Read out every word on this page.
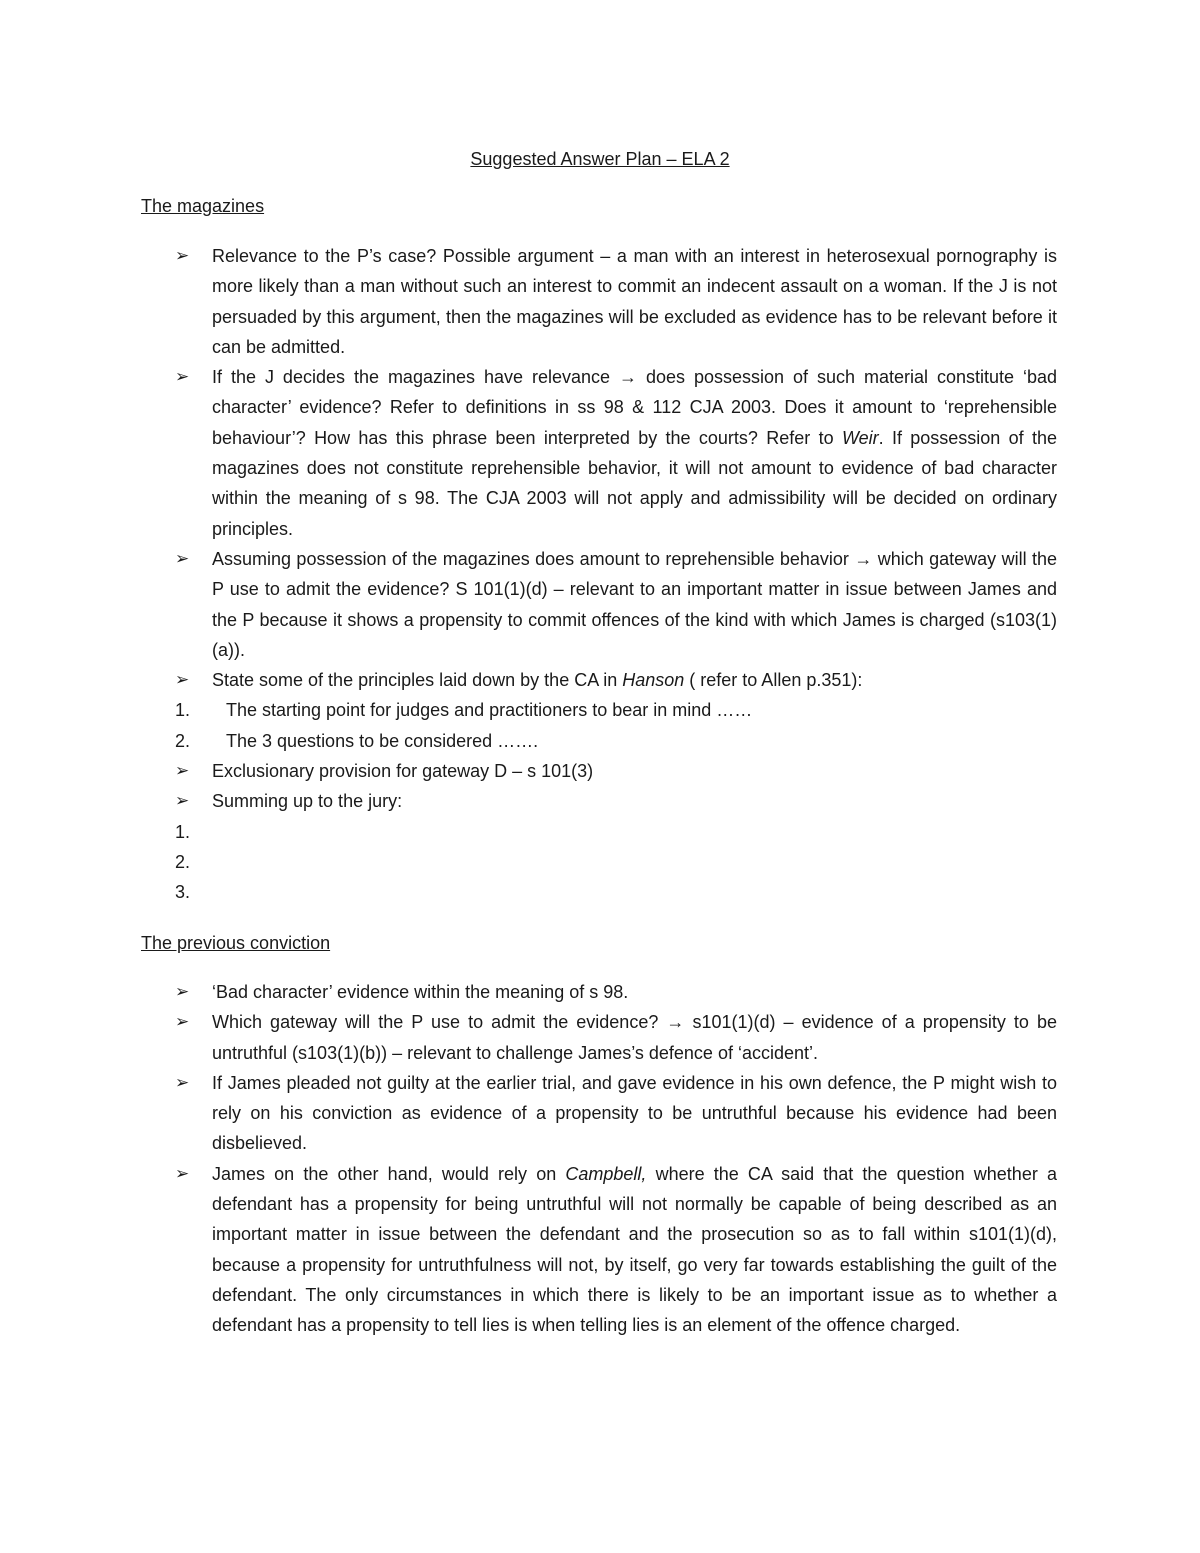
Suggested Answer Plan – ELA 2
The magazines
➢ Relevance to the P’s case? Possible argument – a man with an interest in heterosexual pornography is more likely than a man without such an interest to commit an indecent assault on a woman. If the J is not persuaded by this argument, then the magazines will be excluded as evidence has to be relevant before it can be admitted.
➢ If the J decides the magazines have relevance → does possession of such material constitute ‘bad character’ evidence? Refer to definitions in ss 98 & 112 CJA 2003. Does it amount to ‘reprehensible behaviour’? How has this phrase been interpreted by the courts? Refer to Weir. If possession of the magazines does not constitute reprehensible behavior, it will not amount to evidence of bad character within the meaning of s 98. The CJA 2003 will not apply and admissibility will be decided on ordinary principles.
➢ Assuming possession of the magazines does amount to reprehensible behavior → which gateway will the P use to admit the evidence? S 101(1)(d) – relevant to an important matter in issue between James and the P because it shows a propensity to commit offences of the kind with which James is charged (s103(1)(a)).
➢ State some of the principles laid down by the CA in Hanson ( refer to Allen p.351):
1. The starting point for judges and practitioners to bear in mind ……
2. The 3 questions to be considered …….
➢ Exclusionary provision for gateway D – s 101(3)
➢ Summing up to the jury:
1.
2.
3.
The previous conviction
➢ ‘Bad character’ evidence within the meaning of s 98.
➢ Which gateway will the P use to admit the evidence? → s101(1)(d) – evidence of a propensity to be untruthful (s103(1)(b)) – relevant to challenge James’s defence of ‘accident’.
➢ If James pleaded not guilty at the earlier trial, and gave evidence in his own defence, the P might wish to rely on his conviction as evidence of a propensity to be untruthful because his evidence had been disbelieved.
➢ James on the other hand, would rely on Campbell, where the CA said that the question whether a defendant has a propensity for being untruthful will not normally be capable of being described as an important matter in issue between the defendant and the prosecution so as to fall within s101(1)(d), because a propensity for untruthfulness will not, by itself, go very far towards establishing the guilt of the defendant. The only circumstances in which there is likely to be an important issue as to whether a defendant has a propensity to tell lies is when telling lies is an element of the offence charged.
